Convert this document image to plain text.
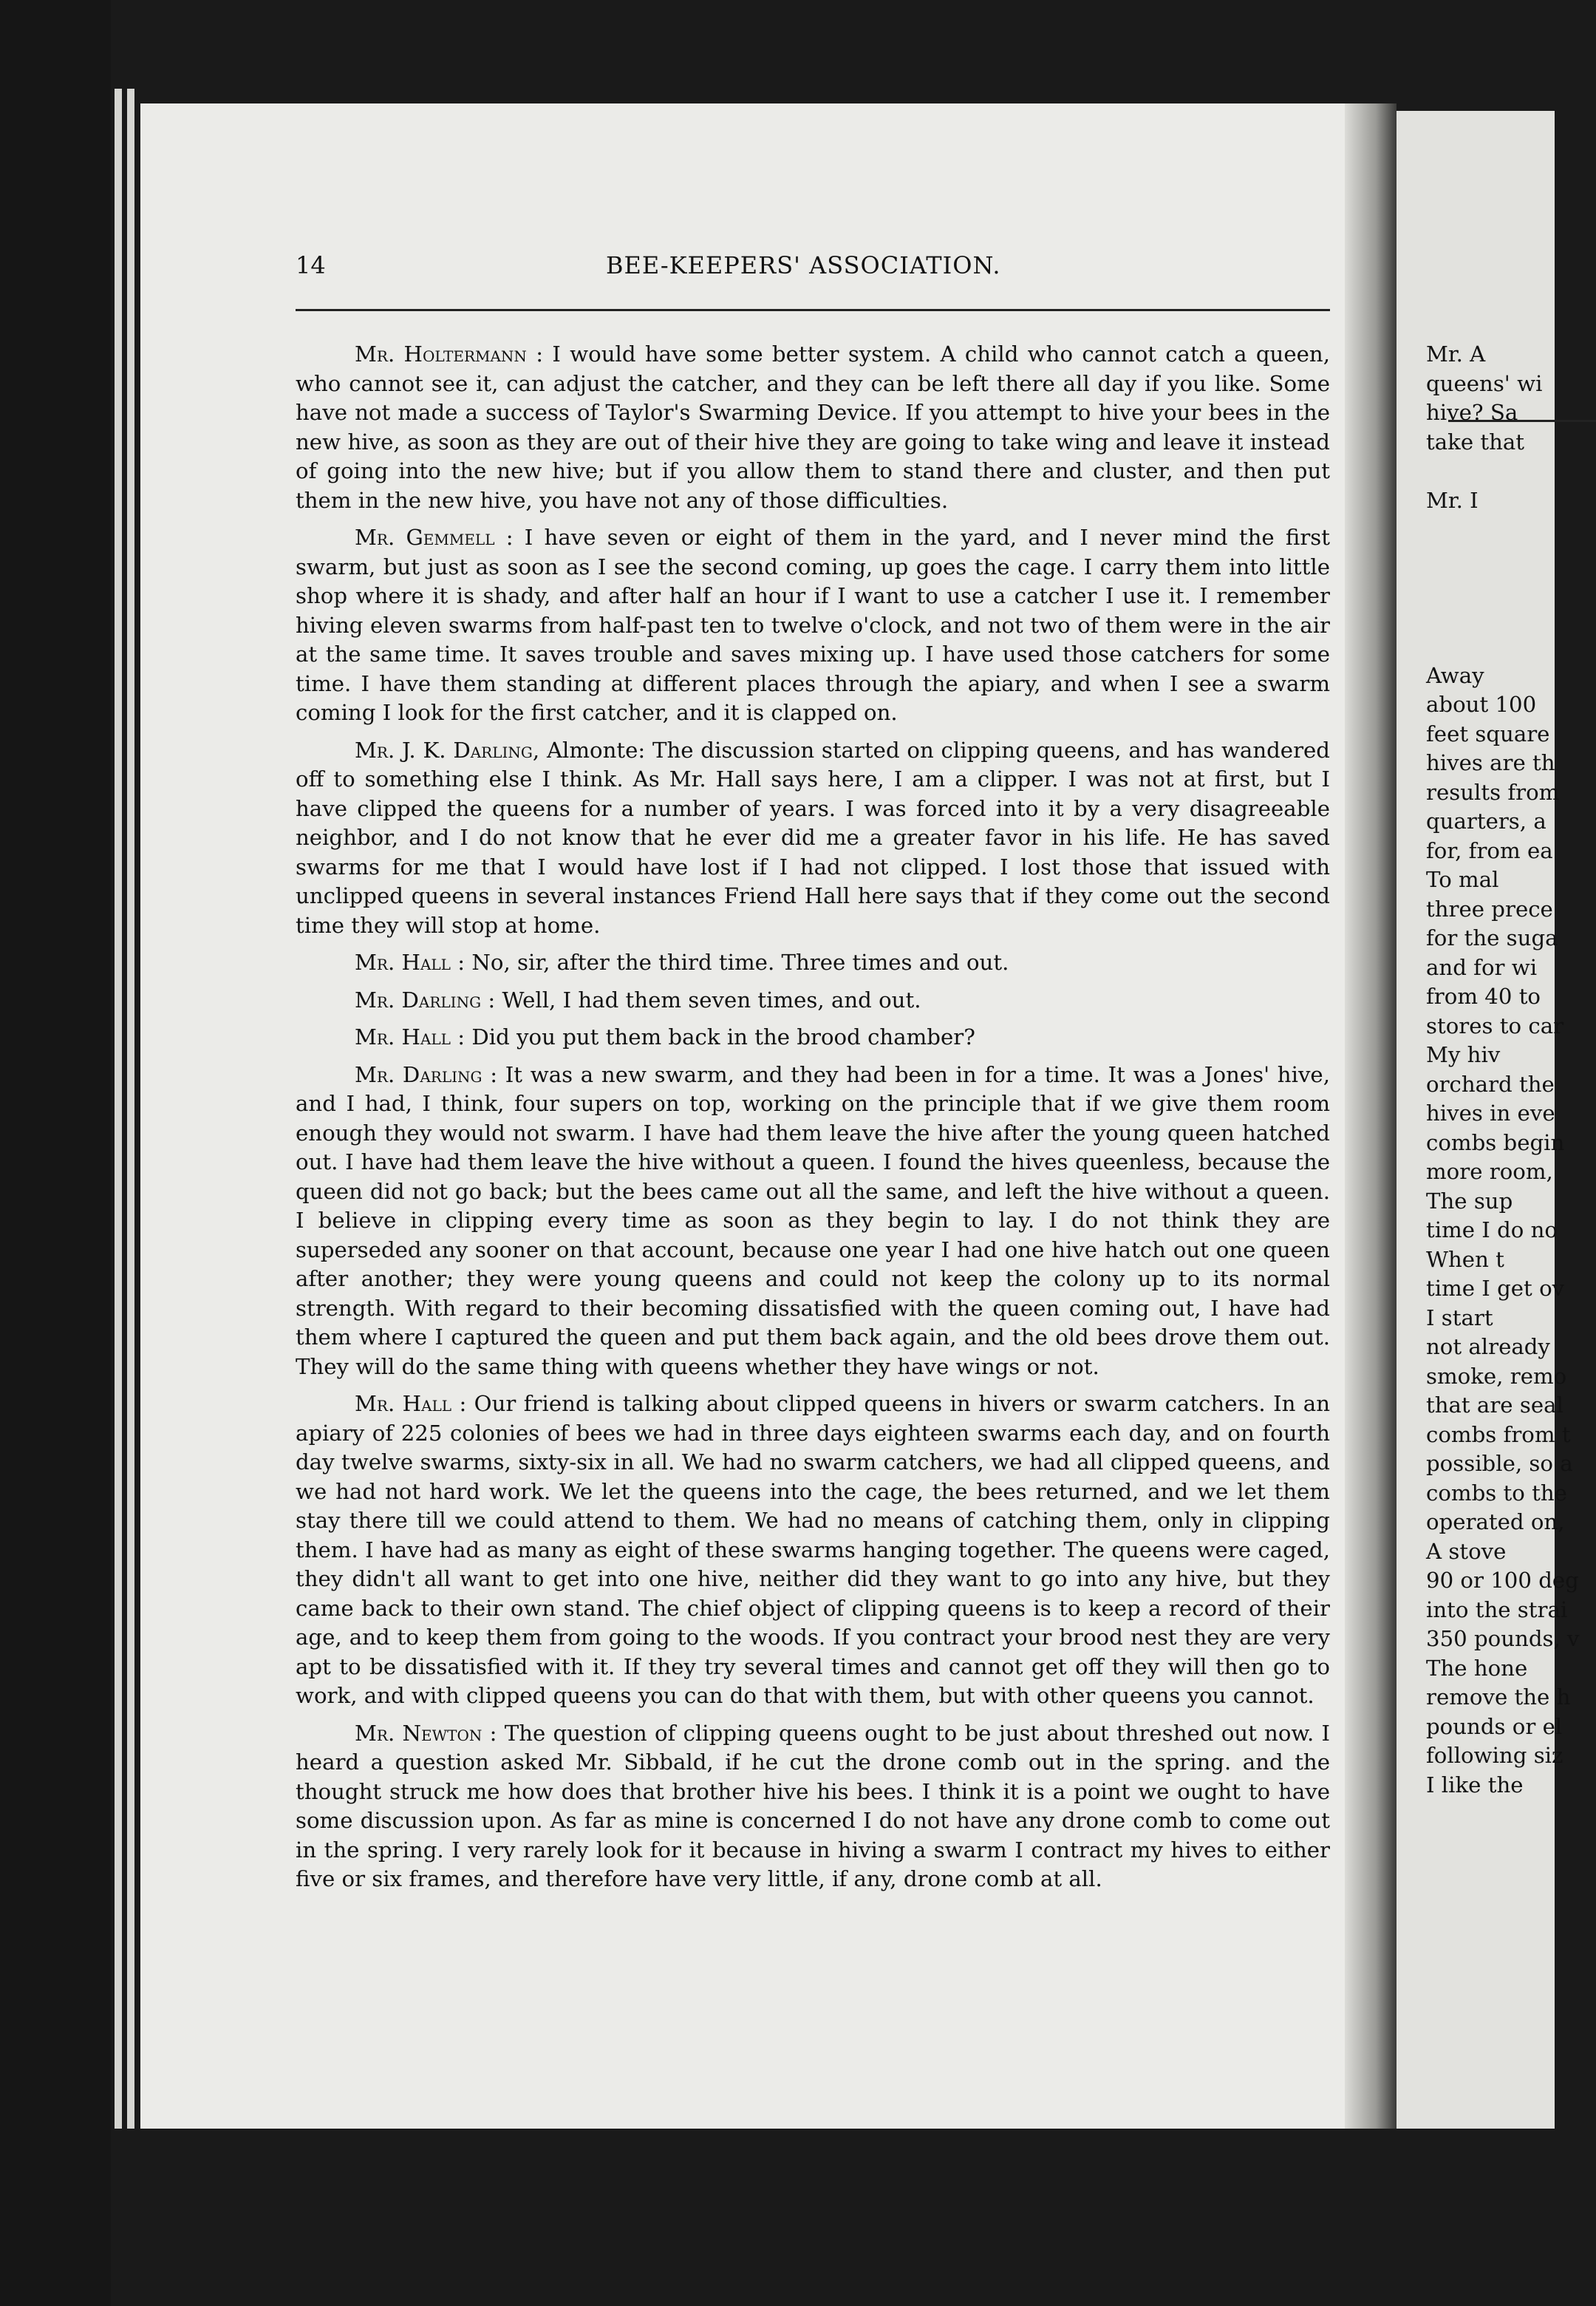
14	BEE-KEEPERS' ASSOCIATION.

Mr. Holtermann : I would have some better system. A child who cannot catch a queen, who cannot see it, can adjust the catcher, and they can be left there all day if you like. Some have not made a success of Taylor's Swarming Device. If you attempt to hive your bees in the new hive, as soon as they are out of their hive they are going to take wing and leave it instead of going into the new hive; but if you allow them to stand there and cluster, and then put them in the new hive, you have not any of those difficulties.

Mr. Gemmell : I have seven or eight of them in the yard, and I never mind the first swarm, but just as soon as I see the second coming, up goes the cage. I carry them into little shop where it is shady, and after half an hour if I want to use a catcher I use it. I remember hiving eleven swarms from half-past ten to twelve o'clock, and not two of them were in the air at the same time. It saves trouble and saves mixing up. I have used those catchers for some time. I have them standing at different places through the apiary, and when I see a swarm coming I look for the first catcher, and it is clapped on.

Mr. J. K. Darling, Almonte: The discussion started on clipping queens, and has wandered off to something else I think. As Mr. Hall says here, I am a clipper. I was not at first, but I have clipped the queens for a number of years. I was forced into it by a very disagreeable neighbor, and I do not know that he ever did me a greater favor in his life. He has saved swarms for me that I would have lost if I had not clipped. I lost those that issued with unclipped queens in several instances Friend Hall here says that if they come out the second time they will stop at home.

Mr. Hall : No, sir, after the third time. Three times and out.

Mr. Darling : Well, I had them seven times, and out.

Mr. Hall : Did you put them back in the brood chamber?

Mr. Darling : It was a new swarm, and they had been in for a time. It was a Jones' hive, and I had, I think, four supers on top, working on the principle that if we give them room enough they would not swarm. I have had them leave the hive after the young queen hatched out. I have had them leave the hive without a queen. I found the hives queenless, because the queen did not go back; but the bees came out all the same, and left the hive without a queen. I believe in clipping every time as soon as they begin to lay. I do not think they are superseded any sooner on that account, because one year I had one hive hatch out one queen after another; they were young queens and could not keep the colony up to its normal strength. With regard to their becoming dissatisfied with the queen coming out, I have had them where I captured the queen and put them back again, and the old bees drove them out. They will do the same thing with queens whether they have wings or not.

Mr. Hall : Our friend is talking about clipped queens in hivers or swarm catchers. In an apiary of 225 colonies of bees we had in three days eighteen swarms each day, and on fourth day twelve swarms, sixty-six in all. We had no swarm catchers, we had all clipped queens, and we had not hard work. We let the queens into the cage, the bees returned, and we let them stay there till we could attend to them. We had no means of catching them, only in clipping them. I have had as many as eight of these swarms hanging together. The queens were caged, they didn't all want to get into one hive, neither did they want to go into any hive, but they came back to their own stand. The chief object of clipping queens is to keep a record of their age, and to keep them from going to the woods. If you contract your brood nest they are very apt to be dissatisfied with it. If they try several times and cannot get off they will then go to work, and with clipped queens you can do that with them, but with other queens you cannot.

Mr. Newton : The question of clipping queens ought to be just about threshed out now. I heard a question asked Mr. Sibbald, if he cut the drone comb out in the spring. and the thought struck me how does that brother hive his bees. I think it is a point we ought to have some discussion upon. As far as mine is concerned I do not have any drone comb to come out in the spring. I very rarely look for it because in hiving a swarm I contract my hives to either five or six frames, and therefore have very little, if any, drone comb at all.

Mr. A
queens' wi
hive? Sa
take that

Mr. I

Away
about 100
feet square
hives are th
results from
quarters, a
for, from ea
To mal
three prece
for the suga
and for wi
from 40 to
stores to car
My hiv
orchard the
hives in eve
combs begin
more room,
The sup
time I do no
When t
time I get ov
I start
not already
smoke, remo
that are seal
combs from t
possible, so a
combs to the
operated on,
A stove
90 or 100 deg
into the strai
350 pounds, v
The hone
remove the h
pounds or el
following siz
I like the
